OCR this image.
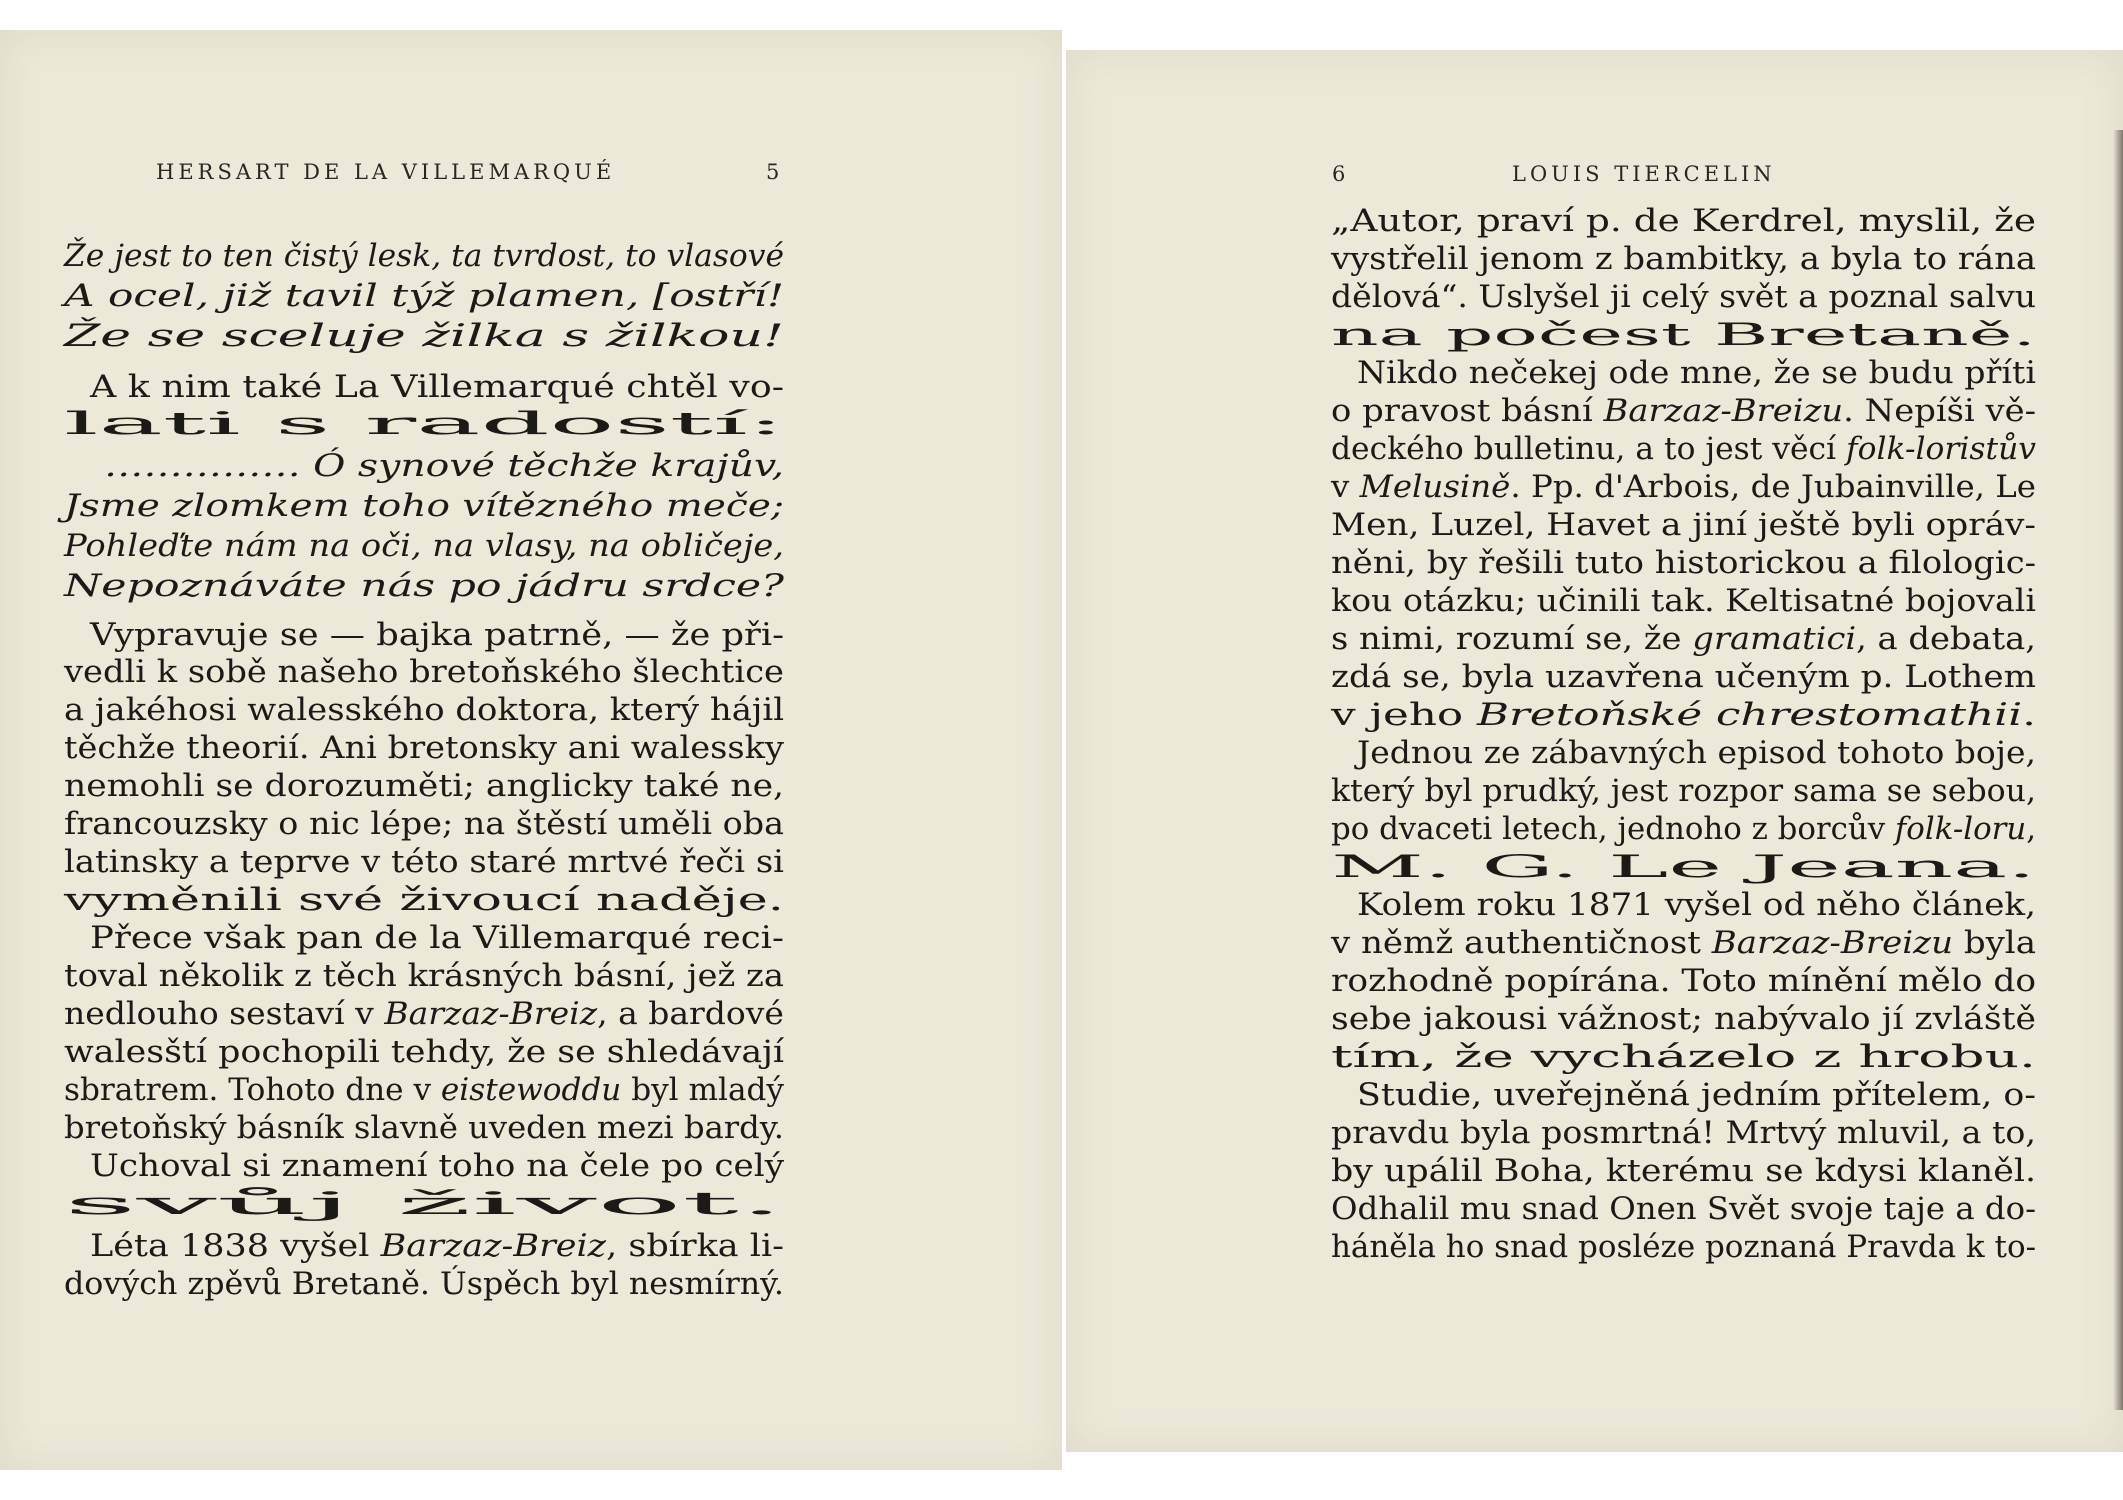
HERSART DE LA VILLEMARQUÉ	5
Že jest to ten čistý lesk, ta tvrdost, to vlasové
A ocel, již tavil týž plamen, [ostří!
Že se sceluje žilka s žilkou!
A k nim také La Villemarqué chtěl vo-
lati s radostí:
…………… Ó synové těchže krajův,
Jsme zlomkem toho vítězného meče;
Pohleďte nám na oči, na vlasy, na obličeje,
Nepoznáváte nás po jádru srdce?
Vypravuje se — bajka patrně, — že při-
vedli k sobě našeho bretoňského šlechtice
a jakéhosi walesského doktora, který hájil
těchže theorií. Ani bretonsky ani walessky
nemohli se dorozuměti; anglicky také ne,
francouzsky o nic lépe; na štěstí uměli oba
latinsky a teprve v této staré mrtvé řeči si
vyměnili své živoucí naděje.
Přece však pan de la Villemarqué reci-
toval několik z těch krásných básní, jež za
nedlouho sestaví v Barzaz-Breiz, a bardové
walesští pochopili tehdy, že se shledávají
sbratrem. Tohoto dne v eistewoddu byl mladý
bretoňský básník slavně uveden mezi bardy.
Uchoval si znamení toho na čele po celý
svůj život.
Léta 1838 vyšel Barzaz-Breiz, sbírka li-
dových zpěvů Bretaně. Úspěch byl nesmírný.
6	LOUIS TIERCELIN
„Autor, praví p. de Kerdrel, myslil, že
vystřelil jenom z bambitky, a byla to rána
dělová“. Uslyšel ji celý svět a poznal salvu
na počest Bretaně.
Nikdo nečekej ode mne, že se budu příti
o pravost básní Barzaz-Breizu. Nepíši vě-
deckého bulletinu, a to jest věcí folk-loristův
v Melusině. Pp. d'Arbois, de Jubainville, Le
Men, Luzel, Havet a jiní ještě byli opráv-
něni, by řešili tuto historickou a filologic-
kou otázku; učinili tak. Keltisatné bojovali
s nimi, rozumí se, že gramatici, a debata,
zdá se, byla uzavřena učeným p. Lothem
v jeho Bretoňské chrestomathii.
Jednou ze zábavných episod tohoto boje,
který byl prudký, jest rozpor sama se sebou,
po dvaceti letech, jednoho z borcův folk-loru,
M. G. Le Jeana.
Kolem roku 1871 vyšel od něho článek,
v němž authentičnost Barzaz-Breizu byla
rozhodně popírána. Toto mínění mělo do
sebe jakousi vážnost; nabývalo jí zvláště
tím, že vycházelo z hrobu.
Studie, uveřejněná jedním přítelem, o-
pravdu byla posmrtná! Mrtvý mluvil, a to,
by upálil Boha, kterému se kdysi klaněl.
Odhalil mu snad Onen Svět svoje taje a do-
háněla ho snad posléze poznaná Pravda k to-
